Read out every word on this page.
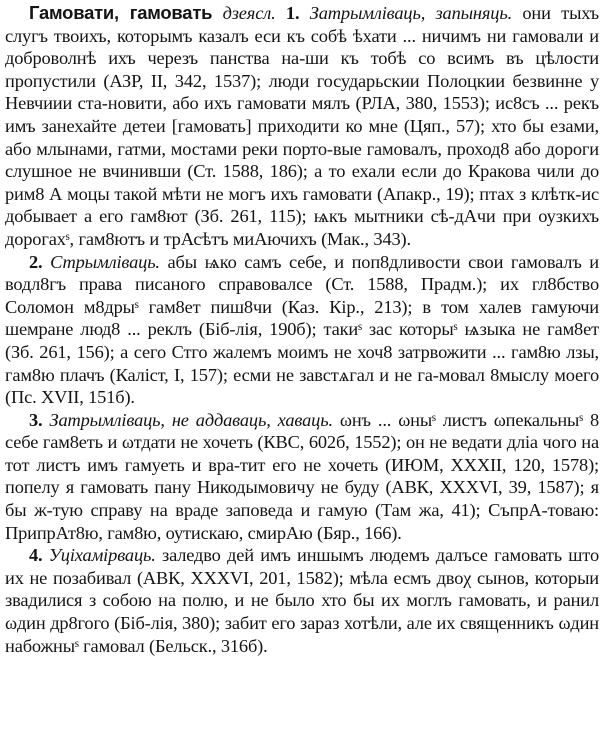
Гамовати, гамовать дзеясл. 1. Затрымліваць, запыняць. они тыхъ слугъ твоихъ, которымъ казалъ еси къ собѣ ѣхати ... ничимъ ни гамовали и доброволнѣ ихъ черезъ панства на-ши къ тобѣ со всимъ въ цѣлости пропустили (АЗР, II, 342, 1537); люди государьскии Полоцкии безвинне у Невчиии ста-новити, або ихъ гамовати мялъ (РЛА, 380, 1553); ис8съ ... рекъ имъ занехайте детеи [гамовать] приходити ко мне (Цяп., 57); хто бы езами, або млынами, гатми, мостами реки порто-вые гамовалъ, проход8 або дороги слушное не вчинивши (Ст. 1588, 186); а то ехали если до Кракова чили до рим8 А моцы такой мѣти не могъ ихъ гамовати (Апакр., 19); птах з клѣтк-ис добывает а его гам8ют (Зб. 261, 115); ѩкъ мытники сѣ-дАчи при оузкихъ дорогахˢ, гам8ютъ и трАсѣтъ миАючихъ (Мак., 343).

2. Стрымліваць. абы ѩко самъ себе, и поп8дливости свои гамовалъ и водл8гъ права писаного справовалсе (Ст. 1588, Прадм.); их гл8бство Соломон м8дрыˢ гам8ет пиш8чи (Каз. Кір., 213); в том халев гамуючи шемране люд8 ... реклъ (Біб-лія, 190б); такиˢ зас которыˢ ѩзыка не гам8ет (Зб. 261, 156); а сего Стго жалемъ моимъ не хоч8 затрвожити ... гам8ю лзы, гам8ю плачъ (Каліст, I, 157); есми не завстѧгал и не га-мовал 8мыслу моего (Пс. XVII, 151б).

3. Затрымліваць, не аддаваць, хаваць. ωнъ ... ωныˢ листъ ωпекальныˢ 8 себе гам8еть и ωтдати не хочеть (КВС, 602б, 1552); он не ведати дліа чого на тот листъ имъ гамуеть и вра-тит его не хочеть (ИЮМ, XXXII, 120, 1578); попелу я гамовать пану Никодымовичу не буду (АВК, XXXVI, 39, 1587); я бы ж-тую справу на враде заповеда и гамую (Там жа, 41); СъпрА-товаю: ПрипрАт8ю, гам8ю, оутискаю, смирАю (Бяр., 166).

4. Уціхамірваць. заледво дей имъ иншымъ людемъ далъсе гамовать што их не позабивал (АВК, XXXVI, 201, 1582); мѣла есмъ двоχ сынов, которыи звадилися з собою на полю, и не было хто бы их моглъ гамовать, и ранил ωдин др8гого (Біб-лія, 380); забит его зараз хотѣли, але их священникъ ωдин набожныˢ гамовал (Бельск., 316б).
